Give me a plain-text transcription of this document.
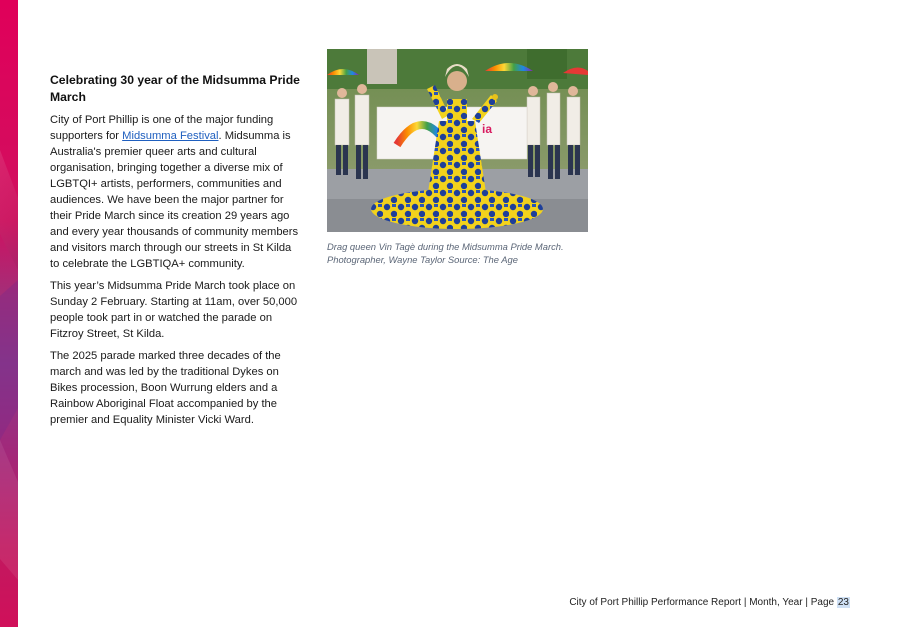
Celebrating 30 year of the Midsumma Pride March

City of Port Phillip is one of the major funding supporters for Midsumma Festival. Midsumma is Australia's premier queer arts and cultural organisation, bringing together a diverse mix of LGBTQI+ artists, performers, communities and audiences. We have been the major partner for their Pride March since its creation 29 years ago and every year thousands of community members and visitors march through our streets in St Kilda to celebrate the LGBTIQA+ community.

This year’s Midsumma Pride March took place on Sunday 2 February. Starting at 11am, over 50,000 people took part in or watched the parade on Fitzroy Street, St Kilda.

The 2025 parade marked three decades of the march and was led by the traditional Dykes on Bikes procession, Boon Wurrung elders and a Rainbow Aboriginal Float accompanied by the premier and Equality Minister Vicki Ward.

ia
Drag queen Vin Tagè during the Midsumma Pride March. Photographer, Wayne Taylor Source: The Age
City of Port Phillip Performance Report | Month, Year | Page 23
